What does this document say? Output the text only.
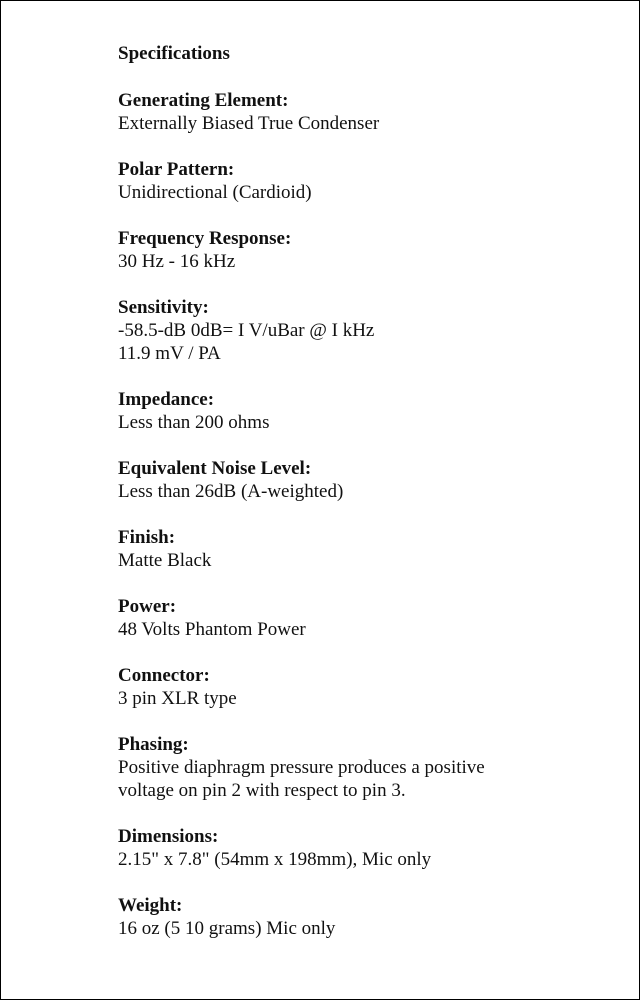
Specifications
Generating Element:
Externally Biased True Condenser
Polar Pattern:
Unidirectional (Cardioid)
Frequency Response:
30 Hz - 16 kHz
Sensitivity:
-58.5-dB 0dB= I V/uBar @ I kHz
11.9 mV / PA
Impedance:
Less than 200 ohms
Equivalent Noise Level:
Less than 26dB (A-weighted)
Finish:
Matte Black
Power:
48 Volts Phantom Power
Connector:
3 pin XLR type
Phasing:
Positive diaphragm pressure produces a positive
voltage on pin 2 with respect to pin 3.
Dimensions:
2.15" x 7.8" (54mm x 198mm), Mic only
Weight:
16 oz (5 10 grams) Mic only
